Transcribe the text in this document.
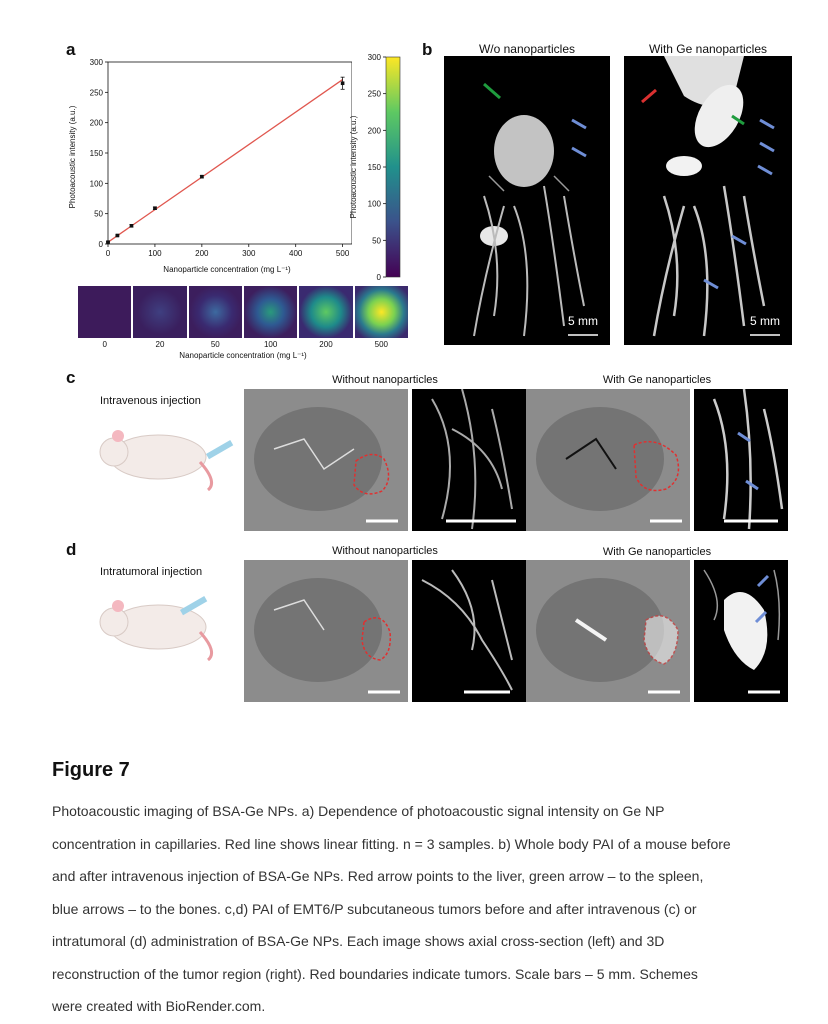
a	b
c
d
0
50
100
150
200
250
300
0	100	200	300	400	500
Photoacoustic intensity (a.u.)
Nanoparticle concentration (mg L⁻¹)
0
50
100
150
200
250
300
Photoacoustic intensity (a.u.)
0	20	50	100	200	500
Nanoparticle concentration (mg L⁻¹)
W/o nanoparticles	With Ge nanoparticles
5 mm	5 mm
Intravenous injection
Without nanoparticles	With Ge nanoparticles
Intratumoral injection
Without nanoparticles	With Ge nanoparticles
Figure 7
Photoacoustic imaging of BSA-Ge NPs. a) Dependence of photoacoustic signal intensity on Ge NP
concentration in capillaries. Red line shows linear fitting. n = 3 samples. b) Whole body PAI of a mouse before
and after intravenous injection of BSA-Ge NPs. Red arrow points to the liver, green arrow – to the spleen,
blue arrows – to the bones. c,d) PAI of EMT6/P subcutaneous tumors before and after intravenous (c) or
intratumoral (d) administration of BSA-Ge NPs. Each image shows axial cross-section (left) and 3D
reconstruction of the tumor region (right). Red boundaries indicate tumors. Scale bars – 5 mm. Schemes
were created with BioRender.com.
